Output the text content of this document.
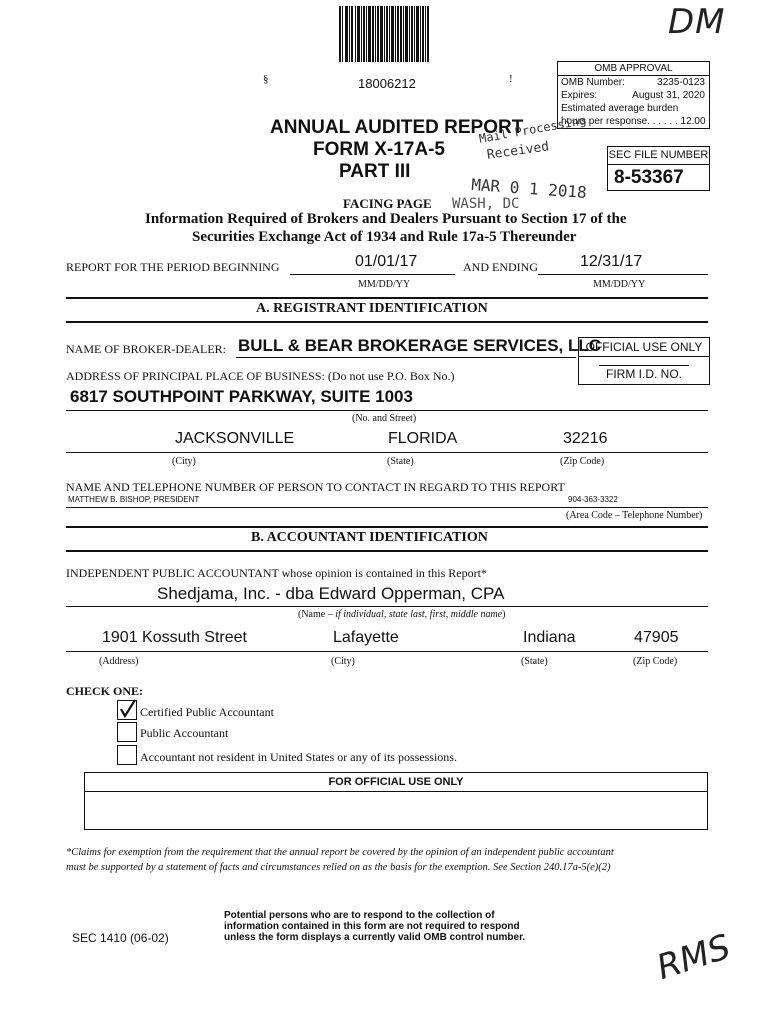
DM
§	18006212	!
OMB APPROVAL
OMB Number:	3235-0123
Expires:	August 31, 2020
Estimated average burden
hours per response. . . . . . 12.00
ANNUAL AUDITED REPORT
FORM X-17A-5
PART III
Mail Processing
Received
MAR 0 1 2018
WASH, DC
SEC FILE NUMBER
8-53367
FACING PAGE
Information Required of Brokers and Dealers Pursuant to Section 17 of the
Securities Exchange Act of 1934 and Rule 17a-5 Thereunder
REPORT FOR THE PERIOD BEGINNING	01/01/17	AND ENDING	12/31/17
MM/DD/YY	MM/DD/YY
A. REGISTRANT IDENTIFICATION
NAME OF BROKER-DEALER: BULL & BEAR BROKERAGE SERVICES, LLC
OFFICIAL USE ONLY
FIRM I.D. NO.
ADDRESS OF PRINCIPAL PLACE OF BUSINESS: (Do not use P.O. Box No.)
6817 SOUTHPOINT PARKWAY, SUITE 1003
(No. and Street)
JACKSONVILLE	FLORIDA	32216
(City)	(State)	(Zip Code)
NAME AND TELEPHONE NUMBER OF PERSON TO CONTACT IN REGARD TO THIS REPORT
MATTHEW B. BISHOP, PRESIDENT	904-363-3322
(Area Code – Telephone Number)
B. ACCOUNTANT IDENTIFICATION
INDEPENDENT PUBLIC ACCOUNTANT whose opinion is contained in this Report*
Shedjama, Inc. - dba Edward Opperman, CPA
(Name – if individual, state last, first, middle name)
1901 Kossuth Street	Lafayette	Indiana	47905
(Address)	(City)	(State)	(Zip Code)
CHECK ONE:
Certified Public Accountant
Public Accountant
Accountant not resident in United States or any of its possessions.
FOR OFFICIAL USE ONLY
*Claims for exemption from the requirement that the annual report be covered by the opinion of an independent public accountant
must be supported by a statement of facts and circumstances relied on as the basis for the exemption. See Section 240.17a-5(e)(2)
SEC 1410 (06-02)
Potential persons who are to respond to the collection of
information contained in this form are not required to respond
unless the form displays a currently valid OMB control number.	RMS
